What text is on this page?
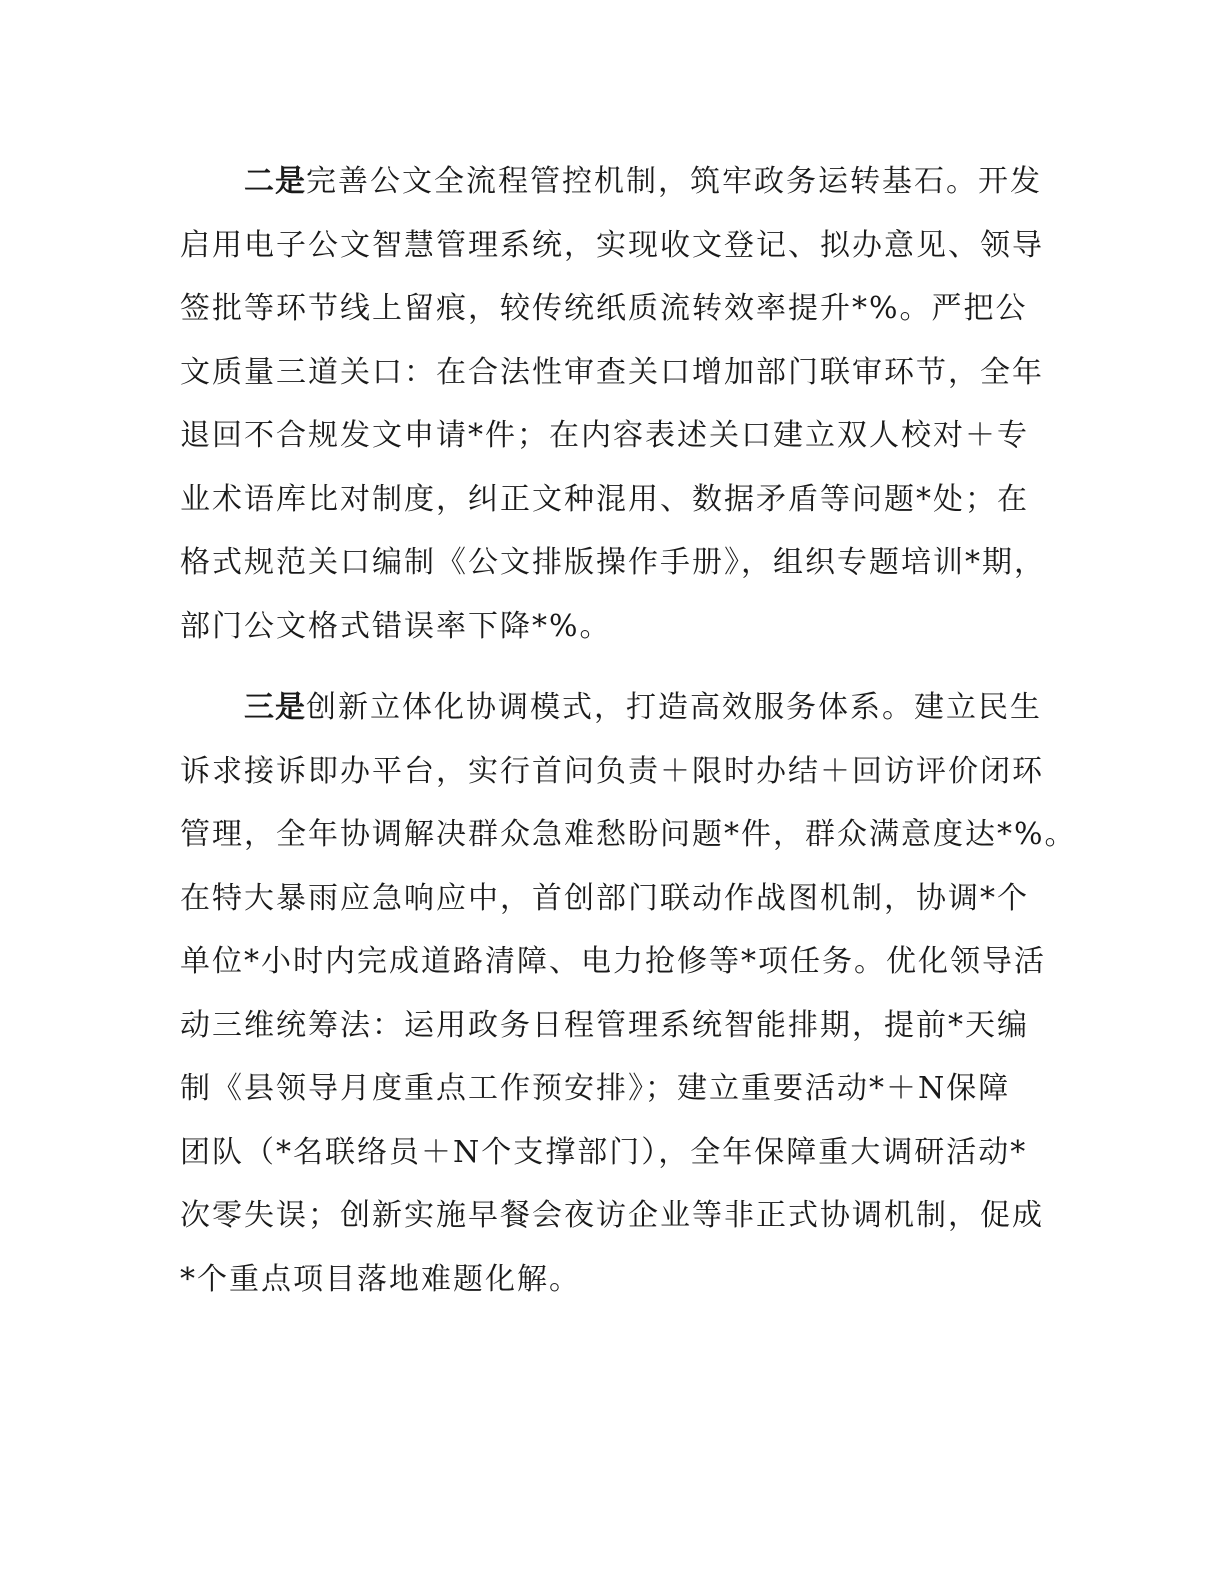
二是完善公文全流程管控机制，筑牢政务运转基石。开发
启用电子公文智慧管理系统，实现收文登记、拟办意见、领导
签批等环节线上留痕，较传统纸质流转效率提升*%。严把公
文质量三道关口：在合法性审查关口增加部门联审环节，全年
退回不合规发文申请*件；在内容表述关口建立双人校对＋专
业术语库比对制度，纠正文种混用、数据矛盾等问题*处；在
格式规范关口编制《公文排版操作手册》，组织专题培训*期，
部门公文格式错误率下降*%。
三是创新立体化协调模式，打造高效服务体系。建立民生
诉求接诉即办平台，实行首问负责＋限时办结＋回访评价闭环
管理，全年协调解决群众急难愁盼问题*件，群众满意度达*%。
在特大暴雨应急响应中，首创部门联动作战图机制，协调*个
单位*小时内完成道路清障、电力抢修等*项任务。优化领导活
动三维统筹法：运用政务日程管理系统智能排期，提前*天编
制《县领导月度重点工作预安排》；建立重要活动*＋N保障
团队（*名联络员＋N个支撑部门），全年保障重大调研活动*
次零失误；创新实施早餐会夜访企业等非正式协调机制，促成
*个重点项目落地难题化解。
